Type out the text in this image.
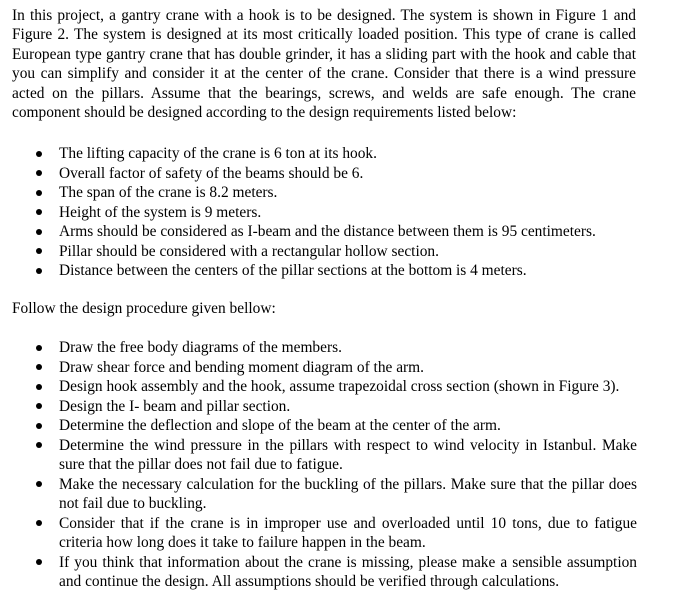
In this project, a gantry crane with a hook is to be designed. The system is shown in Figure 1 and Figure 2. The system is designed at its most critically loaded position. This type of crane is called European type gantry crane that has double grinder, it has a sliding part with the hook and cable that you can simplify and consider it at the center of the crane. Consider that there is a wind pressure acted on the pillars. Assume that the bearings, screws, and welds are safe enough. The crane component should be designed according to the design requirements listed below:

The lifting capacity of the crane is 6 ton at its hook.
Overall factor of safety of the beams should be 6.
The span of the crane is 8.2 meters.
Height of the system is 9 meters.
Arms should be considered as I-beam and the distance between them is 95 centimeters.
Pillar should be considered with a rectangular hollow section.
Distance between the centers of the pillar sections at the bottom is 4 meters.

Follow the design procedure given bellow:

Draw the free body diagrams of the members.
Draw shear force and bending moment diagram of the arm.
Design hook assembly and the hook, assume trapezoidal cross section (shown in Figure 3).
Design the I- beam and pillar section.
Determine the deflection and slope of the beam at the center of the arm.
Determine the wind pressure in the pillars with respect to wind velocity in Istanbul. Make sure that the pillar does not fail due to fatigue.
Make the necessary calculation for the buckling of the pillars. Make sure that the pillar does not fail due to buckling.
Consider that if the crane is in improper use and overloaded until 10 tons, due to fatigue criteria how long does it take to failure happen in the beam.
If you think that information about the crane is missing, please make a sensible assumption and continue the design. All assumptions should be verified through calculations.
